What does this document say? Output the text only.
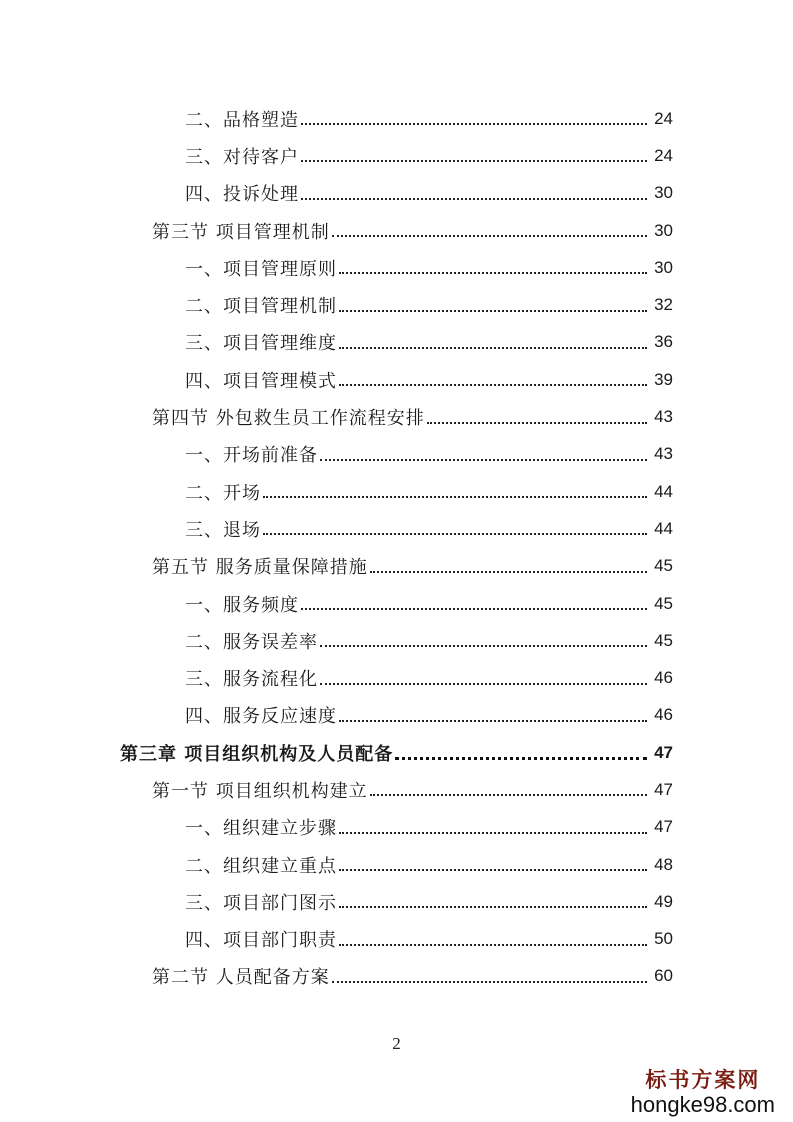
二、品格塑造	24
三、对待客户	24
四、投诉处理	30
第三节 项目管理机制	30
一、项目管理原则	30
二、项目管理机制	32
三、项目管理维度	36
四、项目管理模式	39
第四节 外包救生员工作流程安排	43
一、开场前准备	43
二、开场	44
三、退场	44
第五节 服务质量保障措施	45
一、服务频度	45
二、服务误差率	45
三、服务流程化	46
四、服务反应速度	46
第三章 项目组织机构及人员配备	47
第一节 项目组织机构建立	47
一、组织建立步骤	47
二、组织建立重点	48
三、项目部门图示	49
四、项目部门职责	50
第二节 人员配备方案	60
2
标书方案网
hongke98.com
